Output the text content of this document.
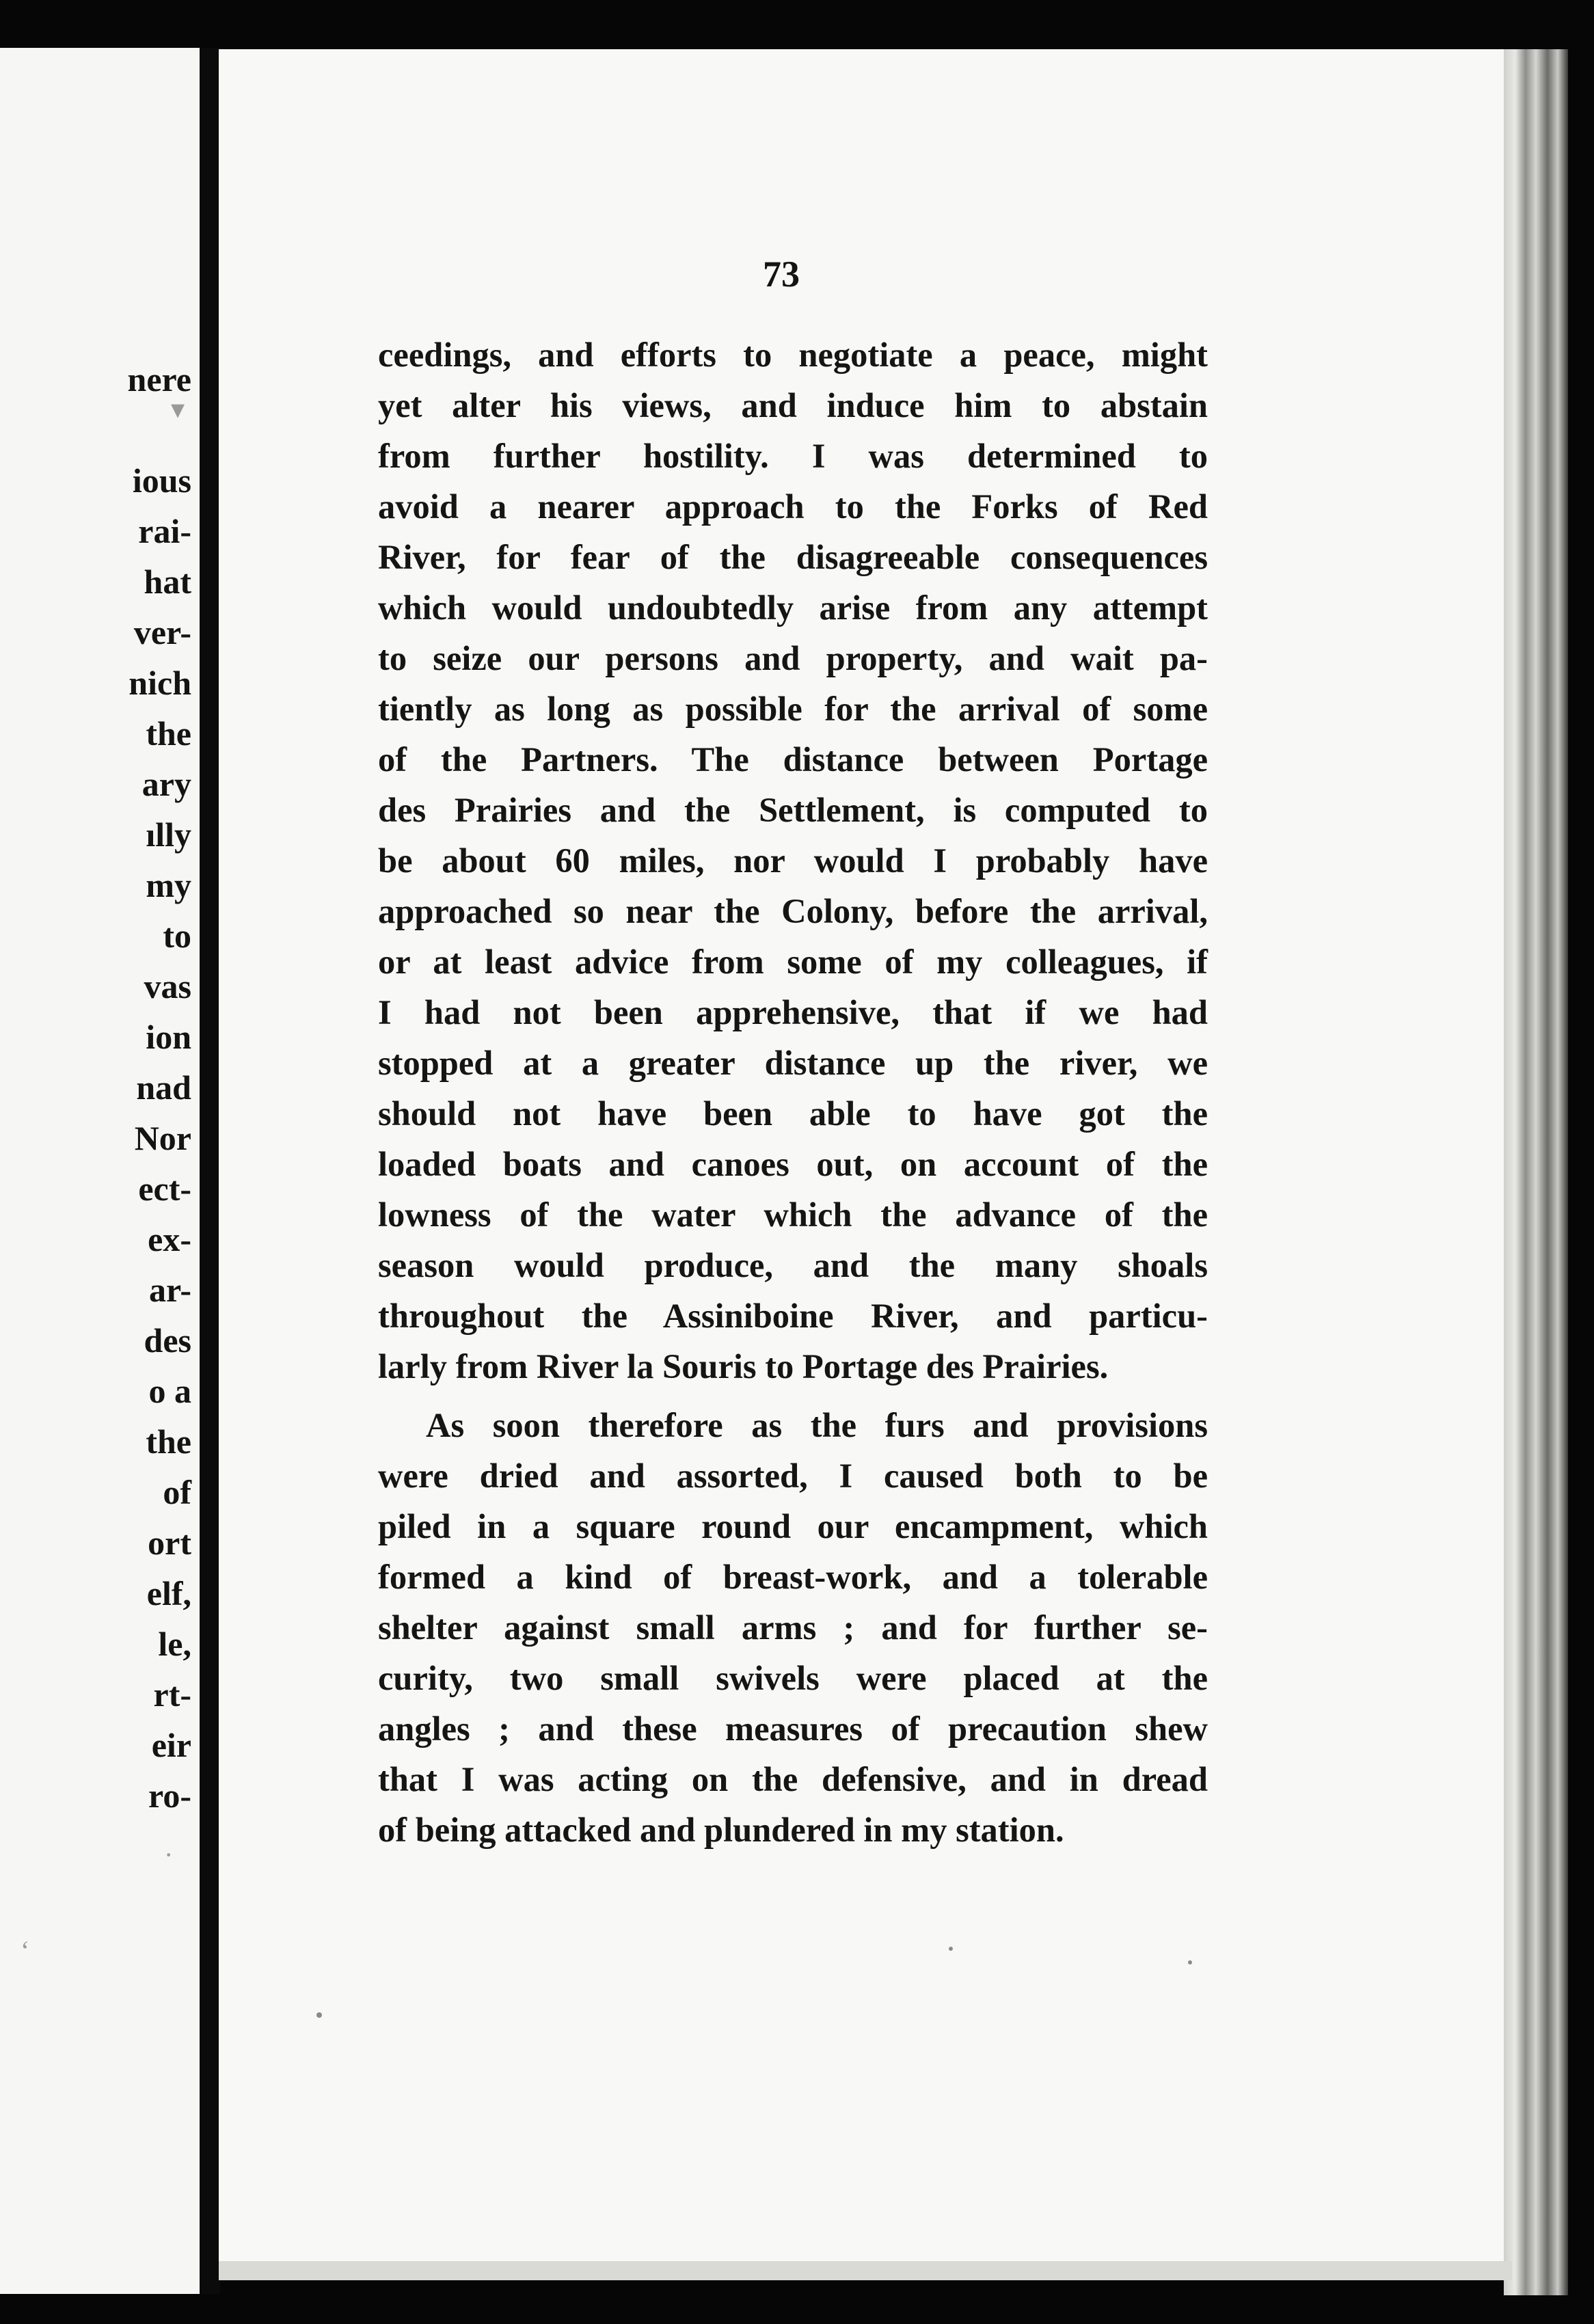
nere
ious
rai-
hat
ver-
nich
the
ary
ılly
my
to
vas
ion
nad
Nor
ect-
ex-
ar-
des
o a
the
of
ort
elf,
le,
rt-
eir
ro-
▾
·
‘
73
ceedings, and efforts to negotiate a peace, might
yet alter his views, and induce him to abstain
from further hostility. I was determined to
avoid a nearer approach to the Forks of Red
River, for fear of the disagreeable consequences
which would undoubtedly arise from any attempt
to seize our persons and property, and wait pa-
tiently as long as possible for the arrival of some
of the Partners. The distance between Portage
des Prairies and the Settlement, is computed to
be about 60 miles, nor would I probably have
approached so near the Colony, before the arrival,
or at least advice from some of my colleagues, if
I had not been apprehensive, that if we had
stopped at a greater distance up the river, we
should not have been able to have got the
loaded boats and canoes out, on account of the
lowness of the water which the advance of the
season would produce, and the many shoals
throughout the Assiniboine River, and particu-
larly from River la Souris to Portage des Prairies.
As soon therefore as the furs and provisions
were dried and assorted, I caused both to be
piled in a square round our encampment, which
formed a kind of breast-work, and a tolerable
shelter against small arms ; and for further se-
curity, two small swivels were placed at the
angles ; and these measures of precaution shew
that I was acting on the defensive, and in dread
of being attacked and plundered in my station.
